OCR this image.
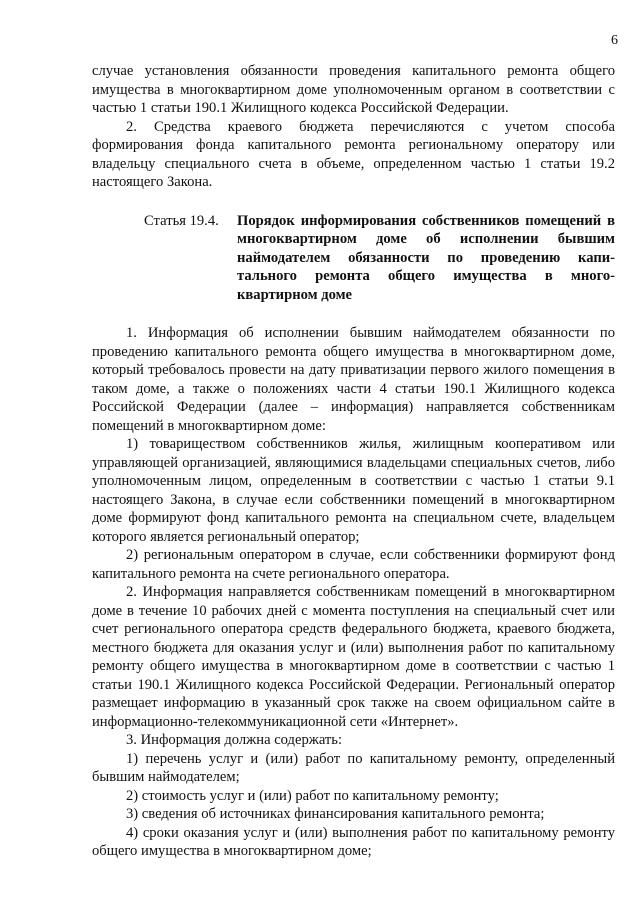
6

случае установления обязанности проведения капитального ремонта общего имущества в многоквартирном доме уполномоченным органом в соответствии с частью 1 статьи 190.1 Жилищного кодекса Российской Федерации.

2. Средства краевого бюджета перечисляются с учетом способа формирования фонда капитального ремонта региональному оператору или владельцу специального счета в объеме, определенном частью 1 статьи 19.2 настоящего Закона.

Статья 19.4.	Порядок информирования собственников помещений в многоквартирном доме об исполнении бывшим наймодателем обязанности по проведению капи-тального ремонта общего имущества в много-квартирном доме

1. Информация об исполнении бывшим наймодателем обязанности по проведению капитального ремонта общего имущества в многоквартирном доме, который требовалось провести на дату приватизации первого жилого помещения в таком доме, а также о положениях части 4 статьи 190.1 Жилищного кодекса Российской Федерации (далее – информация) направляется собственникам помещений в многоквартирном доме:

1) товариществом собственников жилья, жилищным кооперативом или управляющей организацией, являющимися владельцами специальных счетов, либо уполномоченным лицом, определенным в соответствии с частью 1 статьи 9.1 настоящего Закона, в случае если собственники помещений в многоквартирном доме формируют фонд капитального ремонта на специальном счете, владельцем которого является региональный оператор;

2) региональным оператором в случае, если собственники формируют фонд капитального ремонта на счете регионального оператора.

2. Информация направляется собственникам помещений в многоквартирном доме в течение 10 рабочих дней с момента поступления на специальный счет или счет регионального оператора средств федерального бюджета, краевого бюджета, местного бюджета для оказания услуг и (или) выполнения работ по капитальному ремонту общего имущества в многоквартирном доме в соответствии с частью 1 статьи 190.1 Жилищного кодекса Российской Федерации. Региональный оператор размещает информацию в указанный срок также на своем официальном сайте в информационно-телекоммуникационной сети «Интернет».

3. Информация должна содержать:

1) перечень услуг и (или) работ по капитальному ремонту, определенный бывшим наймодателем;

2) стоимость услуг и (или) работ по капитальному ремонту;

3) сведения об источниках финансирования капитального ремонта;

4) сроки оказания услуг и (или) выполнения работ по капитальному ремонту общего имущества в многоквартирном доме;
